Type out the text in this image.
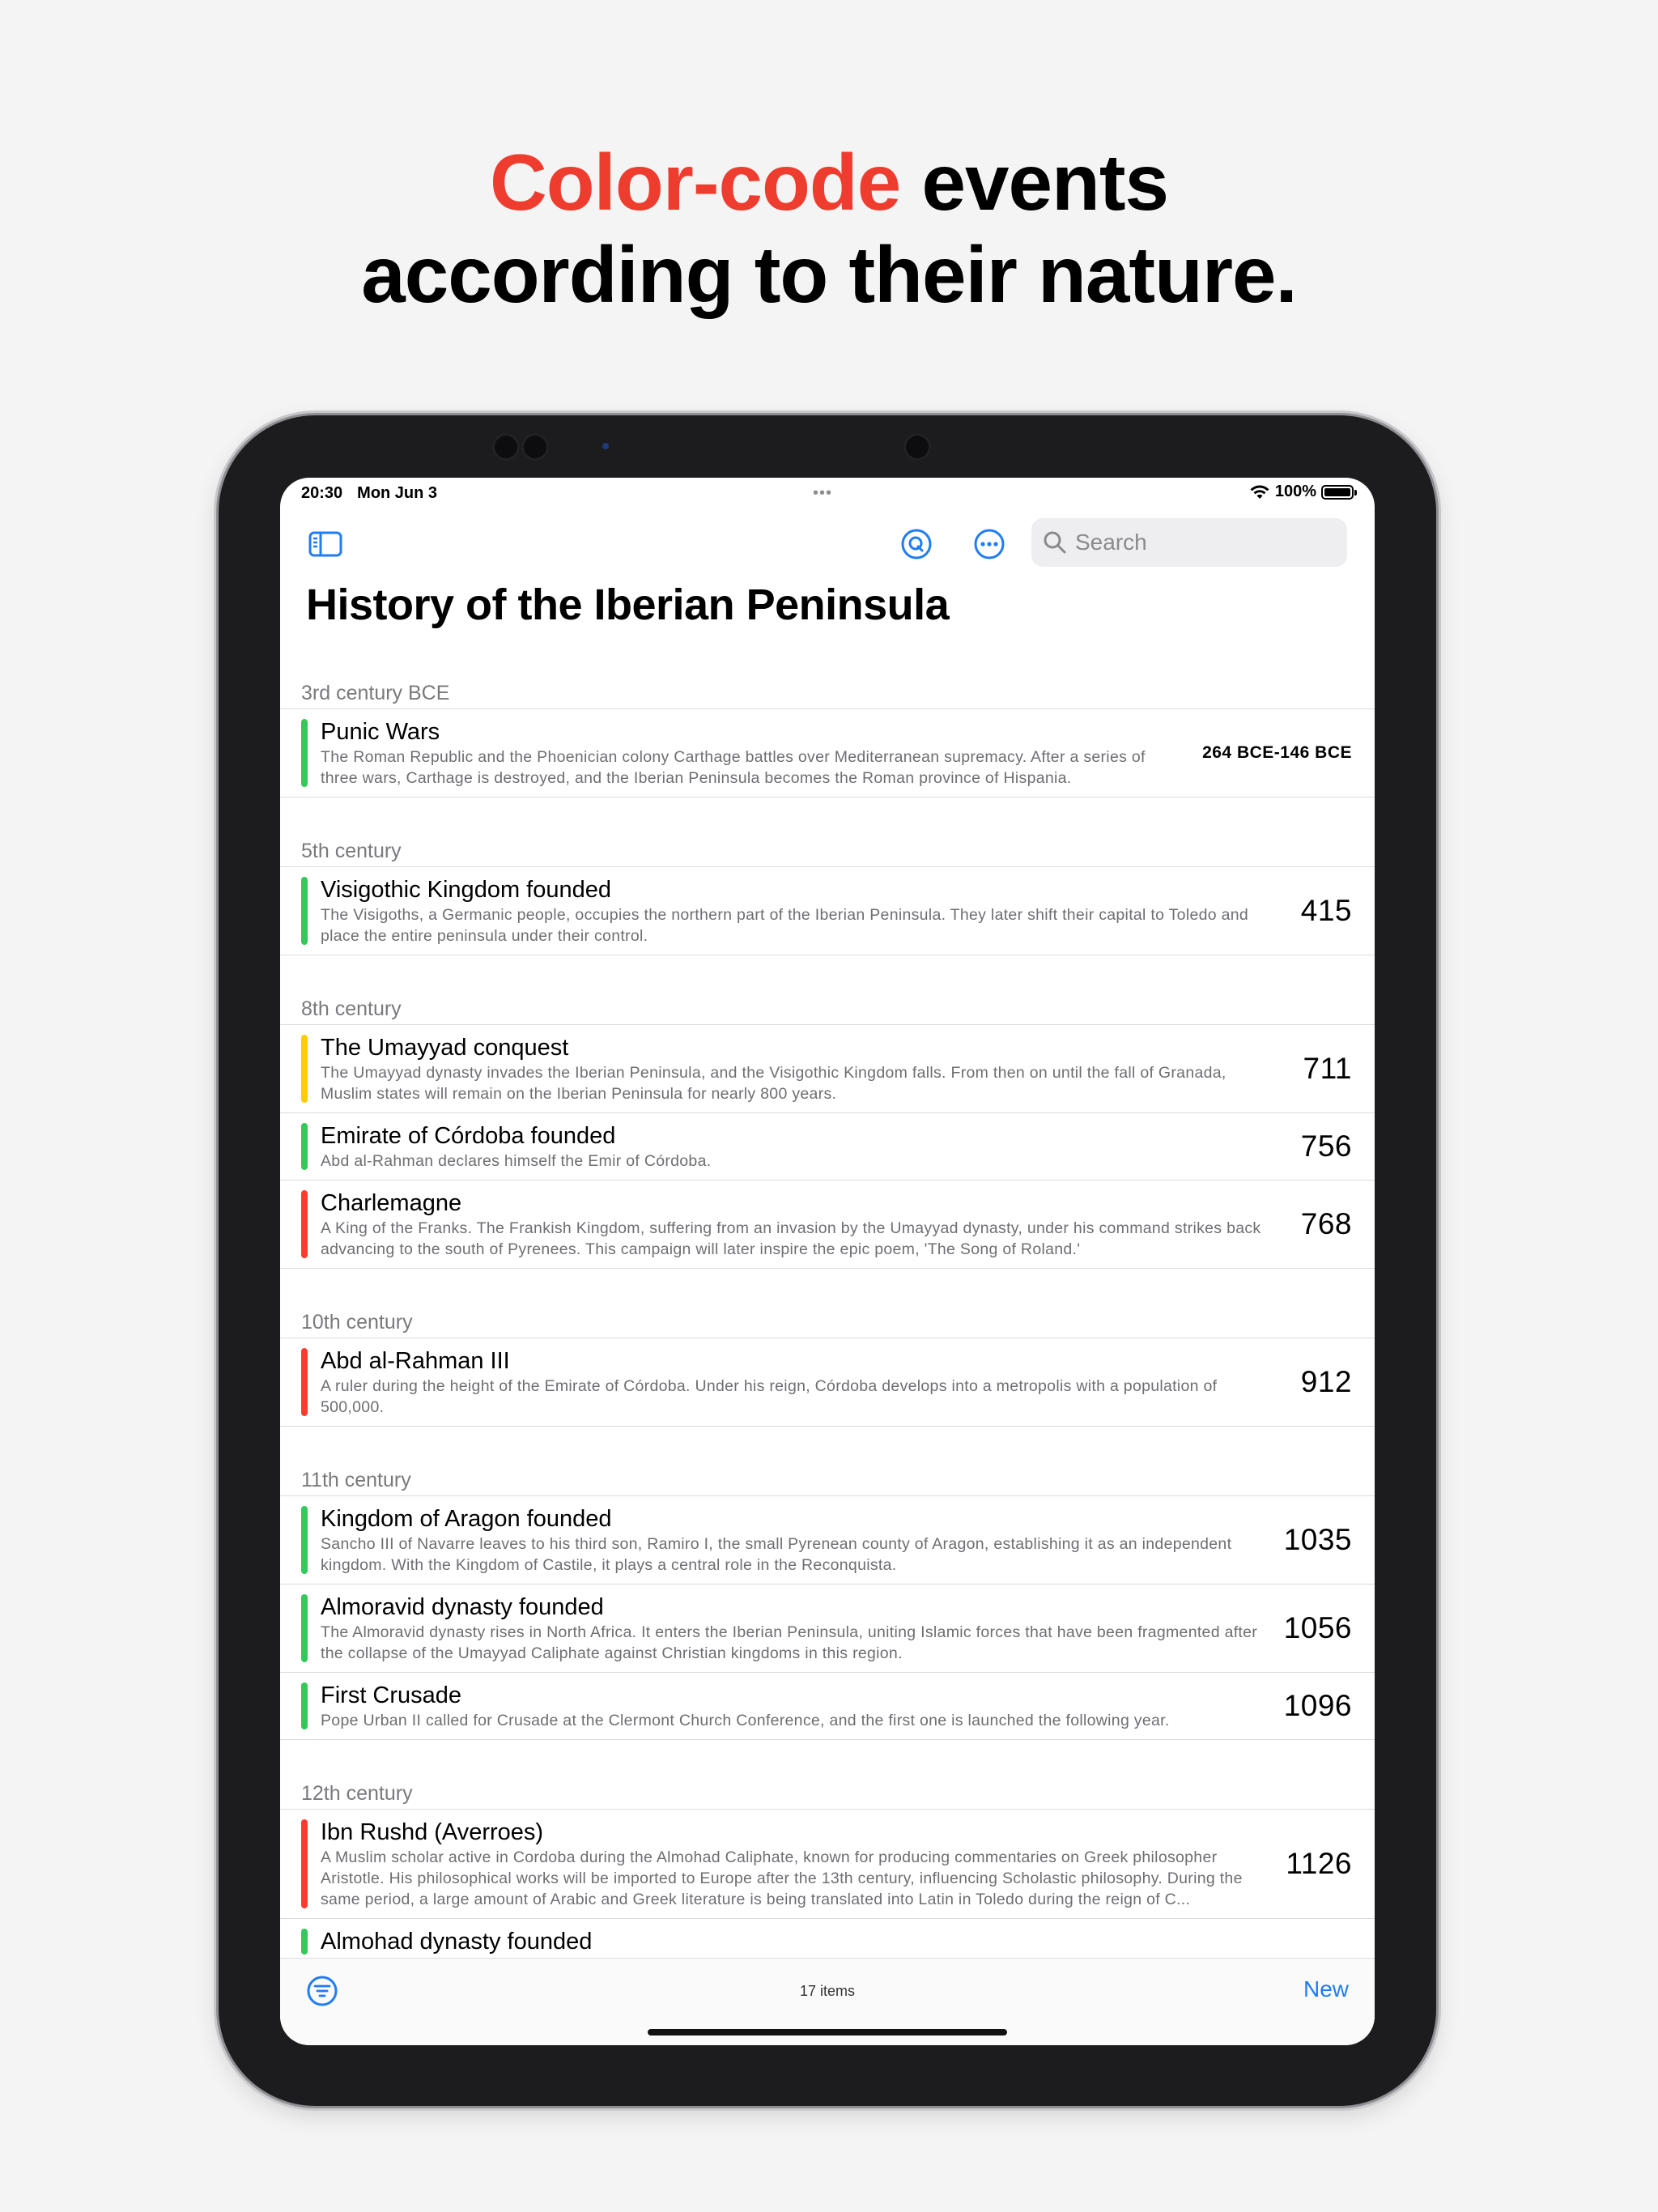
Color-code events
according to their nature.
20:30 Mon Jun 3	•••	100%
Search
History of the Iberian Peninsula
3rd century BCE
Punic Wars
The Roman Republic and the Phoenician colony Carthage battles over Mediterranean supremacy. After a series of three wars, Carthage is destroyed, and the Iberian Peninsula becomes the Roman province of Hispania.
264 BCE-146 BCE
5th century
Visigothic Kingdom founded
The Visigoths, a Germanic people, occupies the northern part of the Iberian Peninsula. They later shift their capital to Toledo and place the entire peninsula under their control.
415
8th century
The Umayyad conquest
The Umayyad dynasty invades the Iberian Peninsula, and the Visigothic Kingdom falls. From then on until the fall of Granada, Muslim states will remain on the Iberian Peninsula for nearly 800 years.
711
Emirate of Córdoba founded
Abd al-Rahman declares himself the Emir of Córdoba.	756
Charlemagne
A King of the Franks. The Frankish Kingdom, suffering from an invasion by the Umayyad dynasty, under his command strikes back advancing to the south of Pyrenees. This campaign will later inspire the epic poem, 'The Song of Roland.'
768
10th century
Abd al-Rahman III
A ruler during the height of the Emirate of Córdoba. Under his reign, Córdoba develops into a metropolis with a population of 500,000.
912
11th century
Kingdom of Aragon founded
Sancho III of Navarre leaves to his third son, Ramiro I, the small Pyrenean county of Aragon, establishing it as an independent kingdom. With the Kingdom of Castile, it plays a central role in the Reconquista.
1035
Almoravid dynasty founded
The Almoravid dynasty rises in North Africa. It enters the Iberian Peninsula, uniting Islamic forces that have been fragmented after the collapse of the Umayyad Caliphate against Christian kingdoms in this region.
1056
First Crusade
Pope Urban II called for Crusade at the Clermont Church Conference, and the first one is launched the following year.	1096
12th century
Ibn Rushd (Averroes)
A Muslim scholar active in Cordoba during the Almohad Caliphate, known for producing commentaries on Greek philosopher Aristotle. His philosophical works will be imported to Europe after the 13th century, influencing Scholastic philosophy. During the same period, a large amount of Arabic and Greek literature is being translated into Latin in Toledo during the reign of C...
1126
Almohad dynasty founded
17 items	New
